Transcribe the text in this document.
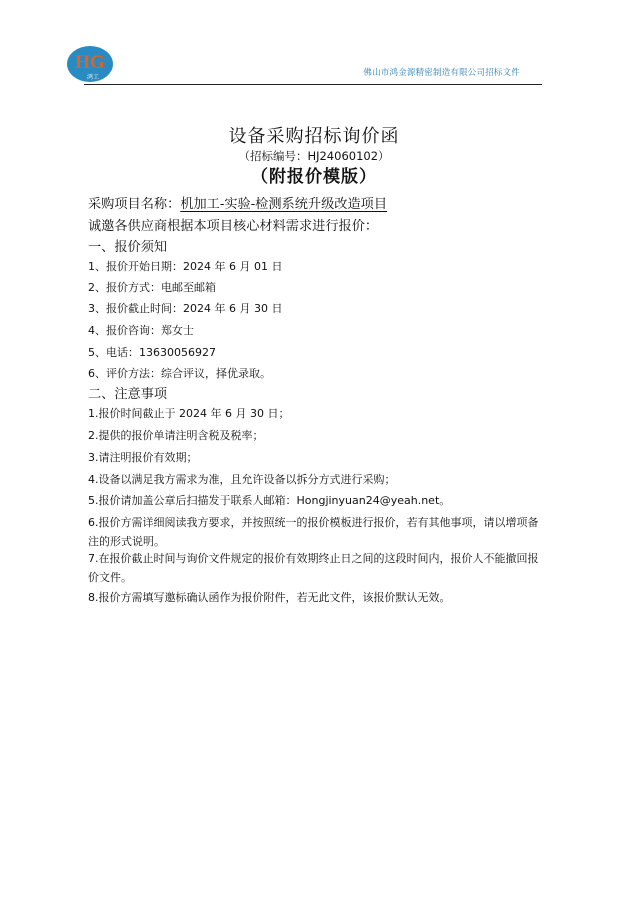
HG
鸿工	佛山市鸿金源精密制造有限公司招标文件
设备采购招标询价函
（招标编号：HJ24060102）
（附报价模版）
采购项目名称：机加工-实验-检测系统升级改造项目
诚邀各供应商根据本项目核心材料需求进行报价：
一、报价须知
1、报价开始日期：2024 年 6 月 01 日
2、报价方式：电邮至邮箱
3、报价截止时间：2024 年 6 月 30 日
4、报价咨询：郑女士
5、电话：13630056927
6、评价方法：综合评议，择优录取。
二、注意事项
1.报价时间截止于 2024 年 6 月 30 日；
2.提供的报价单请注明含税及税率；
3.请注明报价有效期；
4.设备以满足我方需求为准，且允许设备以拆分方式进行采购；
5.报价请加盖公章后扫描发于联系人邮箱：Hongjinyuan24@yeah.net。
6.报价方需详细阅读我方要求，并按照统一的报价模板进行报价，若有其他事项，请以增项备注的形式说明。
7.在报价截止时间与询价文件规定的报价有效期终止日之间的这段时间内，报价人不能撤回报价文件。
8.报价方需填写邀标确认函作为报价附件，若无此文件，该报价默认无效。
